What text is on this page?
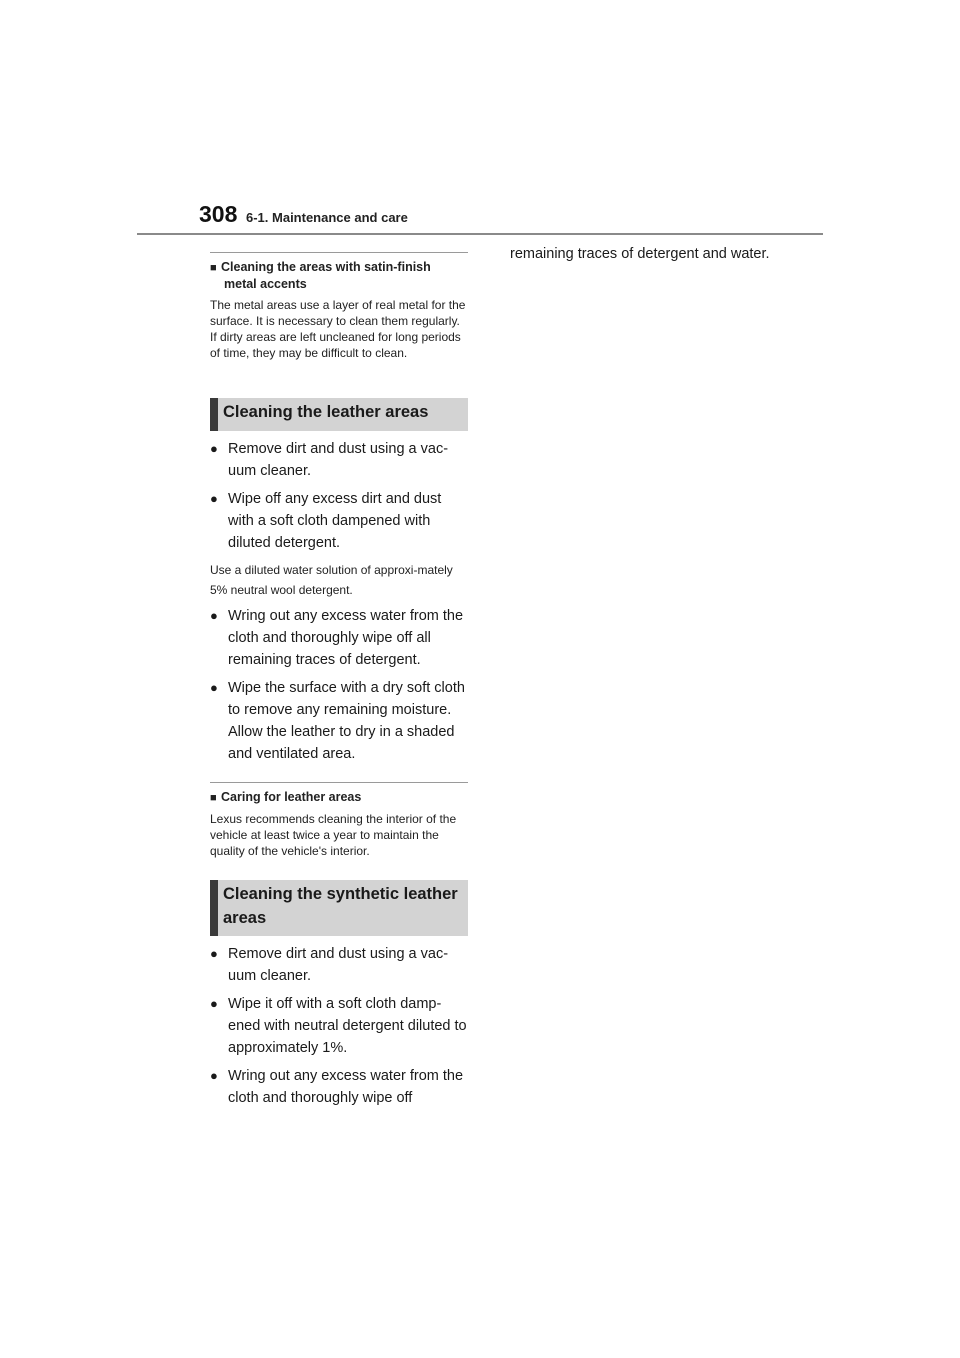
308 6-1. Maintenance and care
■ Cleaning the areas with satin-finish
metal accents
The metal areas use a layer of real metal for the surface. It is necessary to clean them regularly. If dirty areas are left uncleaned for long periods of time, they may be difficult to clean.
Cleaning the leather areas
● Remove dirt and dust using a vac-uum cleaner.
● Wipe off any excess dirt and dust with a soft cloth dampened with diluted detergent.
Use a diluted water solution of approxi-mately 5% neutral wool detergent.
● Wring out any excess water from the cloth and thoroughly wipe off all remaining traces of detergent.
● Wipe the surface with a dry soft cloth to remove any remaining moisture. Allow the leather to dry in a shaded and ventilated area.
■ Caring for leather areas
Lexus recommends cleaning the interior of the vehicle at least twice a year to maintain the quality of the vehicle's interior.
Cleaning the synthetic leather areas
● Remove dirt and dust using a vac-uum cleaner.
● Wipe it off with a soft cloth damp-ened with neutral detergent diluted to approximately 1%.
● Wring out any excess water from the cloth and thoroughly wipe off
remaining traces of detergent and water.
